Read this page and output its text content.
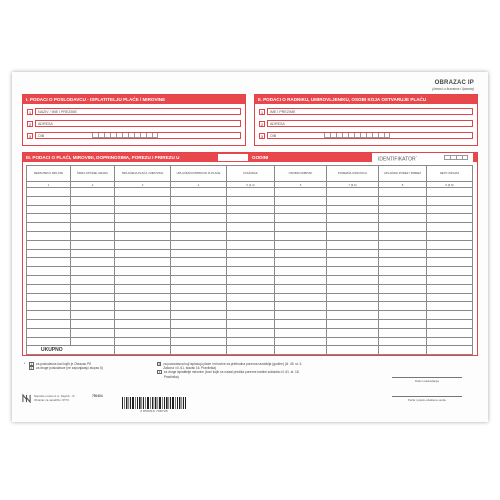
OBRAZAC IP
(iznosi u kunama i lipama)
I. PODACI O POSLODAVCU - ISPLATITELJU PLAĆE / MIROVINE
1	NAZIV / IME I PREZIME
2	ADRESA
3	OIB
II. PODACI O RADNIKU, UMIROVLJENIKU, OSOBI KOJA OSTVARUJE PLAĆU
1	IME I PREZIME
2	ADRESA
3	OIB
III. PODACI O PLAĆI, MIROVINI, DOPRINOSIMA, POREZU I PRIREZU U	GODINI	IDENTIFIKATOR*
REDNI BROJ ISPLATE	ŠIFRA OPĆINE/ GRADA	ISPLAĆENA PLAĆA / MIROVINA	UPLAĆENI DOPRINOSI IZ PLAĆE	DOHODAK	OSOBNI ODBITAK	POREZNA OSNOVICA	UPLAĆENI POREZ I PRIREZ	NETO ISPLATA
1	2	3	4	5 (3-4)	6	7 (5-6)	8	9 (5-8)

UKUPNO								
*	1	za poslodavca kod kojih je Obrazac PK
2	za druge poslodavce (ne zapunjavaju stupac 6)
3	za poslodavca koji isplaćuju plaće i mirovine za prethodna porezna razdoblja (godine) (čl. 45. st. 3. Zakona i čl. 61. stavak 16. Pravilnika)
4	za druge isplatitelje mirovine (koni kojih se nalazi predika porezne kartice sukladno čl. 61. st. 18. Pravilnika)
Datum sastavljanja
Pečat i potpis ovlaštene osobe
Narodne novine d.d., Zagreb - rb
Obrazac za narudžbu: IP/73
750404
3 856016 708705
